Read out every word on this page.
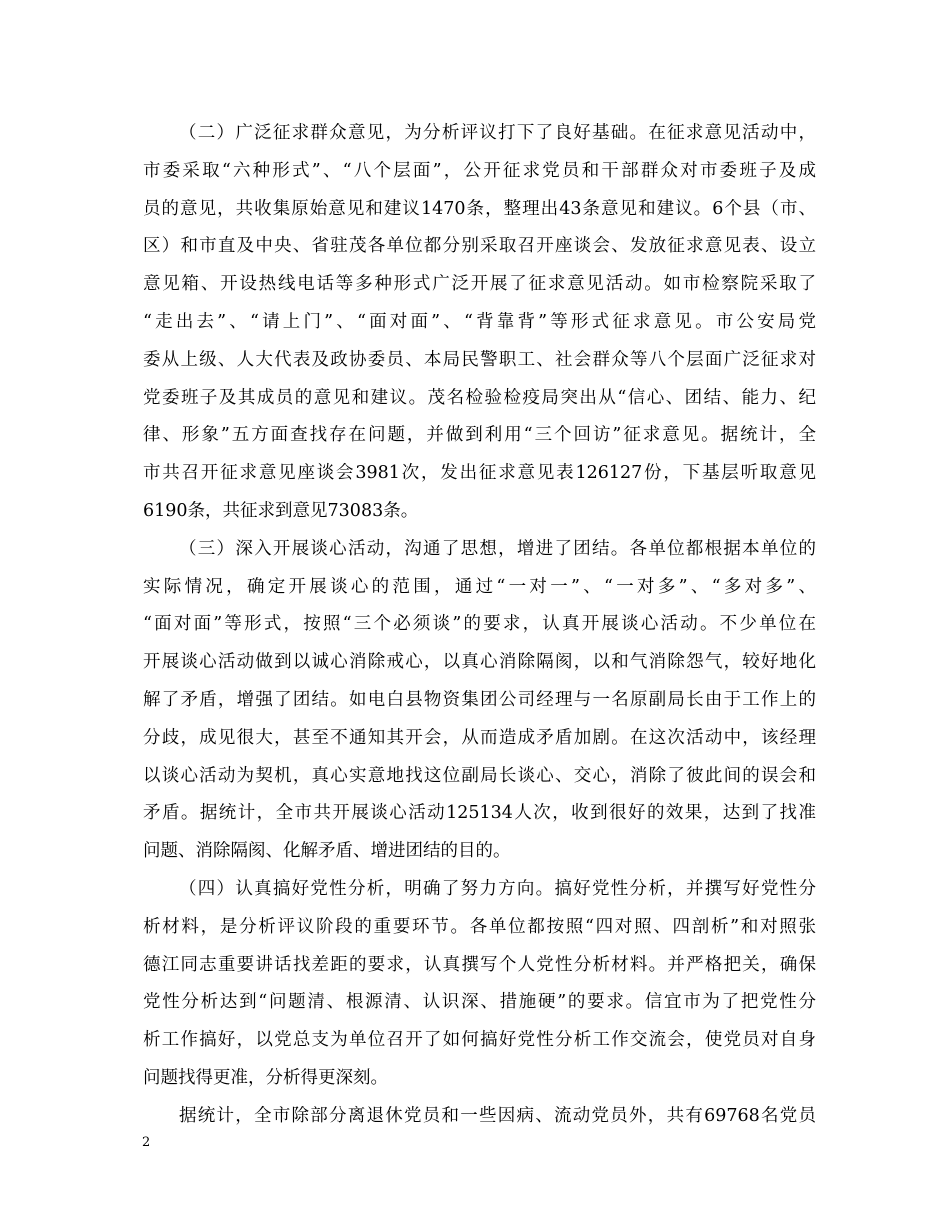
（二）广泛征求群众意见，为分析评议打下了良好基础。在征求意见活动中，
市委采取“六种形式”、“八个层面”，公开征求党员和干部群众对市委班子及成
员的意见，共收集原始意见和建议1470条，整理出43条意见和建议。6个县（市、
区）和市直及中央、省驻茂各单位都分别采取召开座谈会、发放征求意见表、设立
意见箱、开设热线电话等多种形式广泛开展了征求意见活动。如市检察院采取了
“走出去”、“请上门”、“面对面”、“背靠背”等形式征求意见。市公安局党
委从上级、人大代表及政协委员、本局民警职工、社会群众等八个层面广泛征求对
党委班子及其成员的意见和建议。茂名检验检疫局突出从“信心、团结、能力、纪
律、形象”五方面查找存在问题，并做到利用“三个回访”征求意见。据统计，全
市共召开征求意见座谈会3981次，发出征求意见表126127份，下基层听取意见
6190条，共征求到意见73083条。
（三）深入开展谈心活动，沟通了思想，增进了团结。各单位都根据本单位的
实际情况，确定开展谈心的范围，通过“一对一”、“一对多”、“多对多”、
“面对面”等形式，按照“三个必须谈”的要求，认真开展谈心活动。不少单位在
开展谈心活动做到以诚心消除戒心，以真心消除隔阂，以和气消除怨气，较好地化
解了矛盾，增强了团结。如电白县物资集团公司经理与一名原副局长由于工作上的
分歧，成见很大，甚至不通知其开会，从而造成矛盾加剧。在这次活动中，该经理
以谈心活动为契机，真心实意地找这位副局长谈心、交心，消除了彼此间的误会和
矛盾。据统计，全市共开展谈心活动125134人次，收到很好的效果，达到了找准
问题、消除隔阂、化解矛盾、增进团结的目的。
（四）认真搞好党性分析，明确了努力方向。搞好党性分析，并撰写好党性分
析材料，是分析评议阶段的重要环节。各单位都按照“四对照、四剖析”和对照张
德江同志重要讲话找差距的要求，认真撰写个人党性分析材料。并严格把关，确保
党性分析达到“问题清、根源清、认识深、措施硬”的要求。信宜市为了把党性分
析工作搞好，以党总支为单位召开了如何搞好党性分析工作交流会，使党员对自身
问题找得更准，分析得更深刻。
据统计，全市除部分离退休党员和一些因病、流动党员外，共有69768名党员
2
